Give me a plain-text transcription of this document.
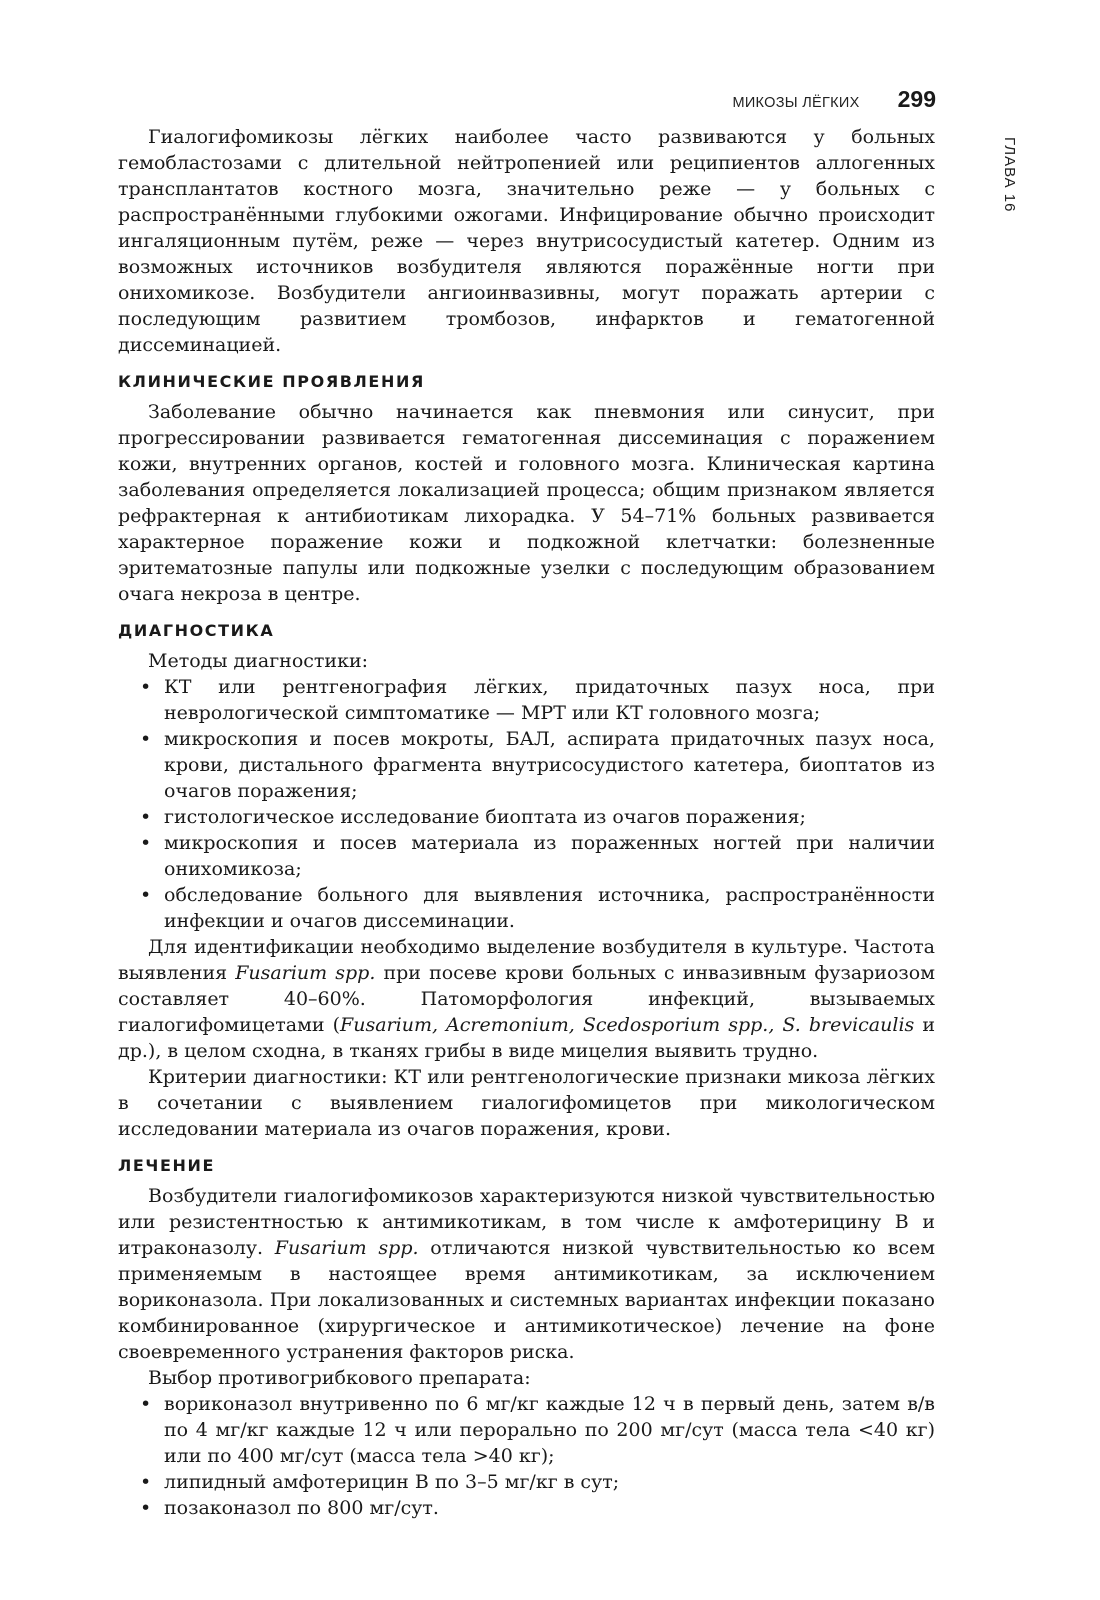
МИКОЗЫ ЛЁГКИХ 299
ГЛАВА 16

Гиалогифомикозы лёгких наиболее часто развиваются у больных гемобластозами с длительной нейтропенией или реципиентов аллогенных трансплантатов костного мозга, значительно реже — у больных с распространёнными глубокими ожогами. Инфицирование обычно происходит ингаляционным путём, реже — через внутрисосудистый катетер. Одним из возможных источников возбудителя являются поражённые ногти при онихомикозе. Возбудители ангиоинвазивны, могут поражать артерии с последующим развитием тромбозов, инфарктов и гематогенной диссеминацией.

КЛИНИЧЕСКИЕ ПРОЯВЛЕНИЯ

Заболевание обычно начинается как пневмония или синусит, при прогрессировании развивается гематогенная диссеминация с поражением кожи, внутренних органов, костей и головного мозга. Клиническая картина заболевания определяется локализацией процесса; общим признаком является рефрактерная к антибиотикам лихорадка. У 54–71% больных развивается характерное поражение кожи и подкожной клетчатки: болезненные эритематозные папулы или подкожные узелки с последующим образованием очага некроза в центре.

ДИАГНОСТИКА

Методы диагностики:

• КТ или рентгенография лёгких, придаточных пазух носа, при неврологической симптоматике — МРТ или КТ головного мозга;
• микроскопия и посев мокроты, БАЛ, аспирата придаточных пазух носа, крови, дистального фрагмента внутрисосудистого катетера, биоптатов из очагов поражения;
• гистологическое исследование биоптата из очагов поражения;
• микроскопия и посев материала из пораженных ногтей при наличии онихомикоза;
• обследование больного для выявления источника, распространённости инфекции и очагов диссеминации.

Для идентификации необходимо выделение возбудителя в культуре. Частота выявления Fusarium spp. при посеве крови больных с инвазивным фузариозом составляет 40–60%. Патоморфология инфекций, вызываемых гиалогифомицетами (Fusarium, Acremonium, Scedosporium spp., S. brevicaulis и др.), в целом сходна, в тканях грибы в виде мицелия выявить трудно.

Критерии диагностики: КТ или рентгенологические признаки микоза лёгких в сочетании с выявлением гиалогифомицетов при микологическом исследовании материала из очагов поражения, крови.

ЛЕЧЕНИЕ

Возбудители гиалогифомикозов характеризуются низкой чувствительностью или резистентностью к антимикотикам, в том числе к амфотерицину В и итраконазолу. Fusarium spp. отличаются низкой чувствительностью ко всем применяемым в настоящее время антимикотикам, за исключением вориконазола. При локализованных и системных вариантах инфекции показано комбинированное (хирургическое и антимикотическое) лечение на фоне своевременного устранения факторов риска.

Выбор противогрибкового препарата:

• вориконазол внутривенно по 6 мг/кг каждые 12 ч в первый день, затем в/в по 4 мг/кг каждые 12 ч или перорально по 200 мг/сут (масса тела <40 кг) или по 400 мг/сут (масса тела >40 кг);
• липидный амфотерицин В по 3–5 мг/кг в сут;
• позаконазол по 800 мг/сут.
